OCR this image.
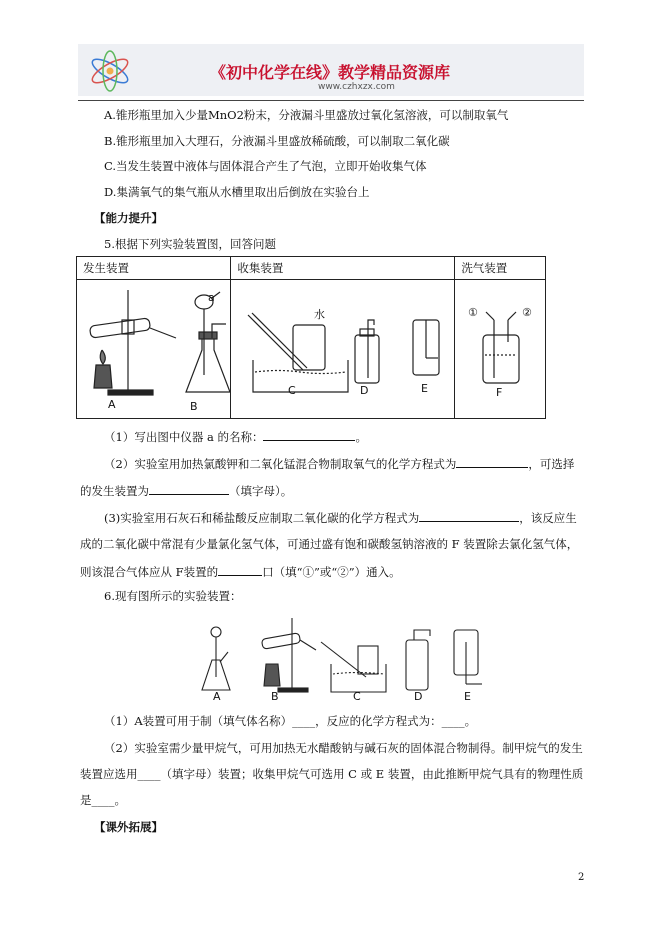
《初中化学在线》教学精品资源库
www.czhxzx.com
A.锥形瓶里加入少量MnO2粉末，分液漏斗里盛放过氧化氢溶液，可以制取氧气
B.锥形瓶里加入大理石，分液漏斗里盛放稀硫酸，可以制取二氧化碳
C.当发生装置中液体与固体混合产生了气泡，立即开始收集气体
D.集满氧气的集气瓶从水槽里取出后倒放在实验台上
【能力提升】
5.根据下列实验装置图，回答问题
发生装置	收集装置	洗气装置

A	B
a
水
C	D	E	F
①	②
（1）写出图中仪器 a 的名称：	。
（2）实验室用加热氯酸钾和二氧化锰混合物制取氧气的化学方程式为	，可选择
的发生装置为	（填字母）。
(3)实验室用石灰石和稀盐酸反应制取二氧化碳的化学方程式为	，该反应生
成的二氧化碳中常混有少量氯化氢气体，可通过盛有饱和碳酸氢钠溶液的 F 装置除去氯化氢气体，
则该混合气体应从 F装置的	口（填“①”或“②”）通入。
6.现有图所示的实验装置：
A	B	C	D	E
（1）A装置可用于制（填气体名称）____，反应的化学方程式为：____。
（2）实验室需少量甲烷气，可用加热无水醋酸钠与碱石灰的固体混合物制得。制甲烷气的发生
装置应选用____（填字母）装置；收集甲烷气可选用 C 或 E 装置，由此推断甲烷气具有的物理性质
是____。
【课外拓展】
2
